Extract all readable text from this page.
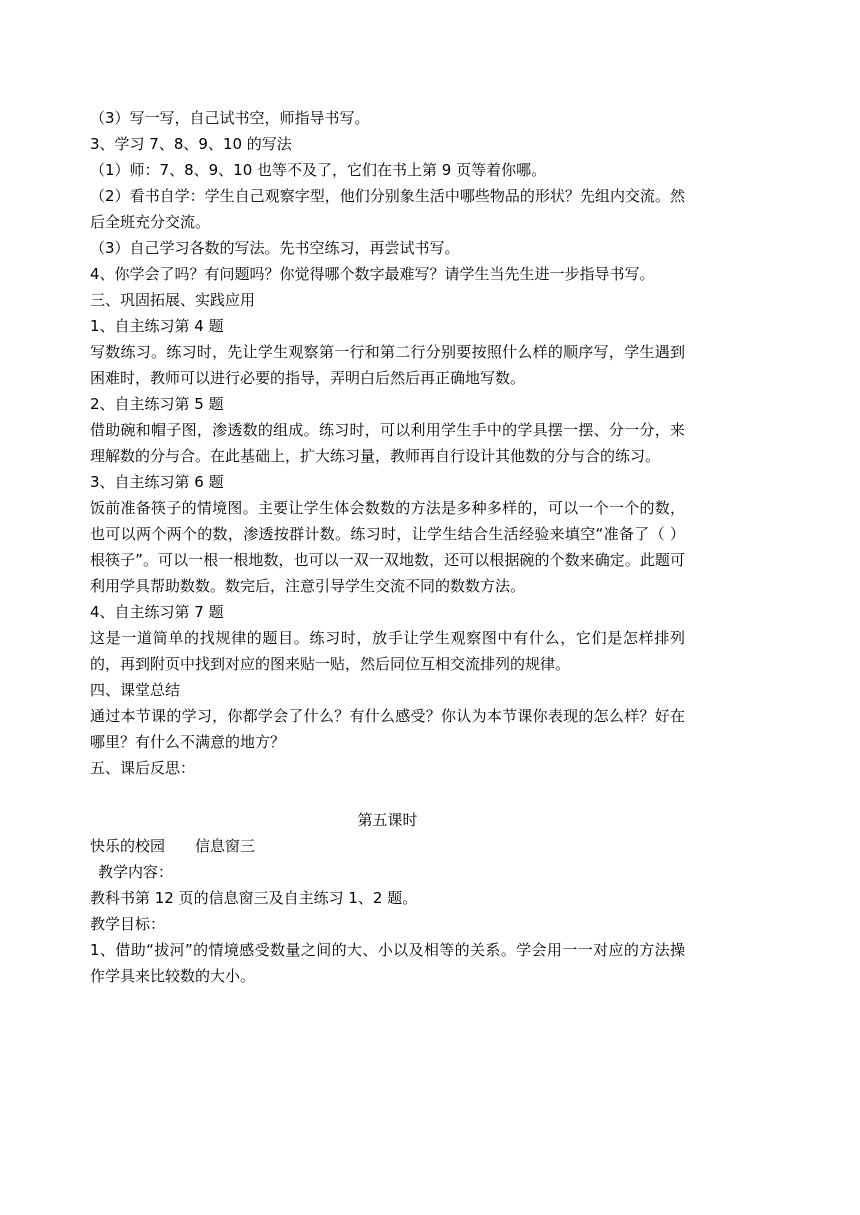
（3）写一写，自己试书空，师指导书写。

3、学习 7、8、9、10 的写法

（1）师：7、8、9、10 也等不及了，它们在书上第 9 页等着你哪。

（2）看书自学：学生自己观察字型，他们分别象生活中哪些物品的形状？先组内交流。然后全班充分交流。

（3）自己学习各数的写法。先书空练习，再尝试书写。

4、你学会了吗？有问题吗？你觉得哪个数字最难写？请学生当先生进一步指导书写。

三、巩固拓展、实践应用

1、自主练习第 4 题

写数练习。练习时，先让学生观察第一行和第二行分别要按照什么样的顺序写，学生遇到困难时，教师可以进行必要的指导，弄明白后然后再正确地写数。

2、自主练习第 5 题

借助碗和帽子图，渗透数的组成。练习时，可以利用学生手中的学具摆一摆、分一分，来理解数的分与合。在此基础上，扩大练习量，教师再自行设计其他数的分与合的练习。

3、自主练习第 6 题

饭前准备筷子的情境图。主要让学生体会数数的方法是多种多样的，可以一个一个的数，也可以两个两个的数，渗透按群计数。练习时，让学生结合生活经验来填空“准备了（ ）根筷子”。可以一根一根地数，也可以一双一双地数，还可以根据碗的个数来确定。此题可利用学具帮助数数。数完后，注意引导学生交流不同的数数方法。

4、自主练习第 7 题

这是一道简单的找规律的题目。练习时，放手让学生观察图中有什么，它们是怎样排列的，再到附页中找到对应的图来贴一贴，然后同位互相交流排列的规律。

四、课堂总结

通过本节课的学习，你都学会了什么？有什么感受？你认为本节课你表现的怎么样？好在哪里？有什么不满意的地方？

五、课后反思：

第五课时

快乐的校园 信息窗三

教学内容：

教科书第 12 页的信息窗三及自主练习 1、2 题。

教学目标：

1、借助“拔河”的情境感受数量之间的大、小以及相等的关系。学会用一一对应的方法操作学具来比较数的大小。
